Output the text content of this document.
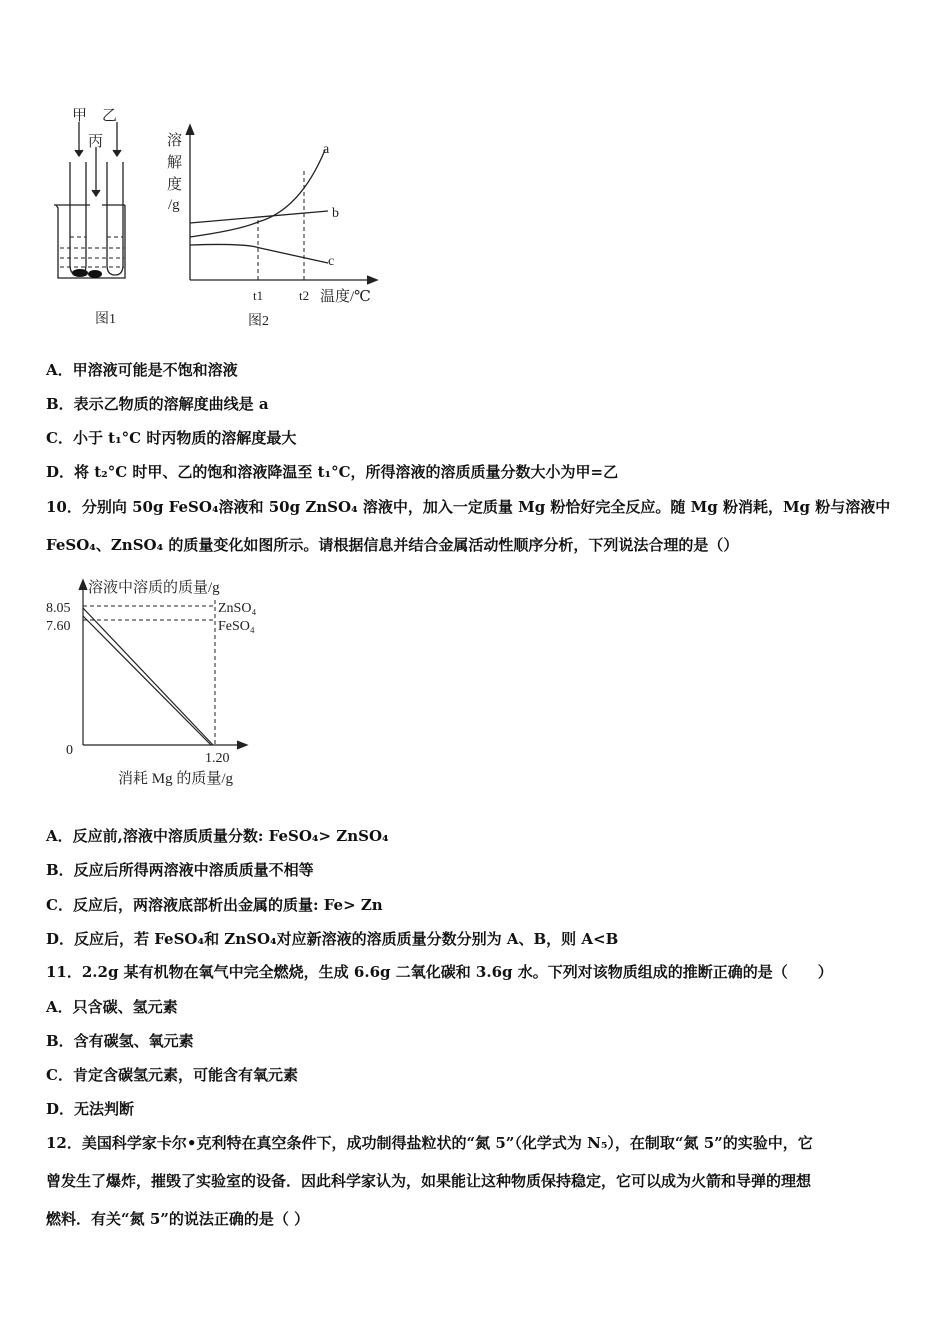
甲 乙
丙
图1
溶
解
度
/g
a
b
c
t1	t2 温度/℃
图2
A．甲溶液可能是不饱和溶液
B．表示乙物质的溶解度曲线是 a
C．小于 t₁°C 时丙物质的溶解度最大
D．将 t₂°C 时甲、乙的饱和溶液降温至 t₁°C，所得溶液的溶质质量分数大小为甲=乙
10．分别向 50g FeSO₄溶液和 50g ZnSO₄ 溶液中，加入一定质量 Mg 粉恰好完全反应。随 Mg 粉消耗，Mg 粉与溶液中
FeSO₄、ZnSO₄ 的质量变化如图所示。请根据信息并结合金属活动性顺序分析，下列说法合理的是（）
溶液中溶质的质量/g
8.05
7.60
0
1.20
ZnSO₄
FeSO₄
消耗 Mg 的质量/g
A．反应前,溶液中溶质质量分数: FeSO₄> ZnSO₄
B．反应后所得两溶液中溶质质量不相等
C．反应后，两溶液底部析出金属的质量: Fe> Zn
D．反应后，若 FeSO₄和 ZnSO₄对应新溶液的溶质质量分数分别为 A、B，则 A<B
11．2.2g 某有机物在氧气中完全燃烧，生成 6.6g 二氧化碳和 3.6g 水。下列对该物质组成的推断正确的是（　　）
A．只含碳、氢元素
B．含有碳氢、氧元素
C．肯定含碳氢元素，可能含有氧元素
D．无法判断
12．美国科学家卡尔•克利特在真空条件下，成功制得盐粒状的“氮 5”（化学式为 N₅），在制取“氮 5”的实验中，它
曾发生了爆炸，摧毁了实验室的设备．因此科学家认为，如果能让这种物质保持稳定，它可以成为火箭和导弹的理想
燃料．有关“氮 5”的说法正确的是（ ）
